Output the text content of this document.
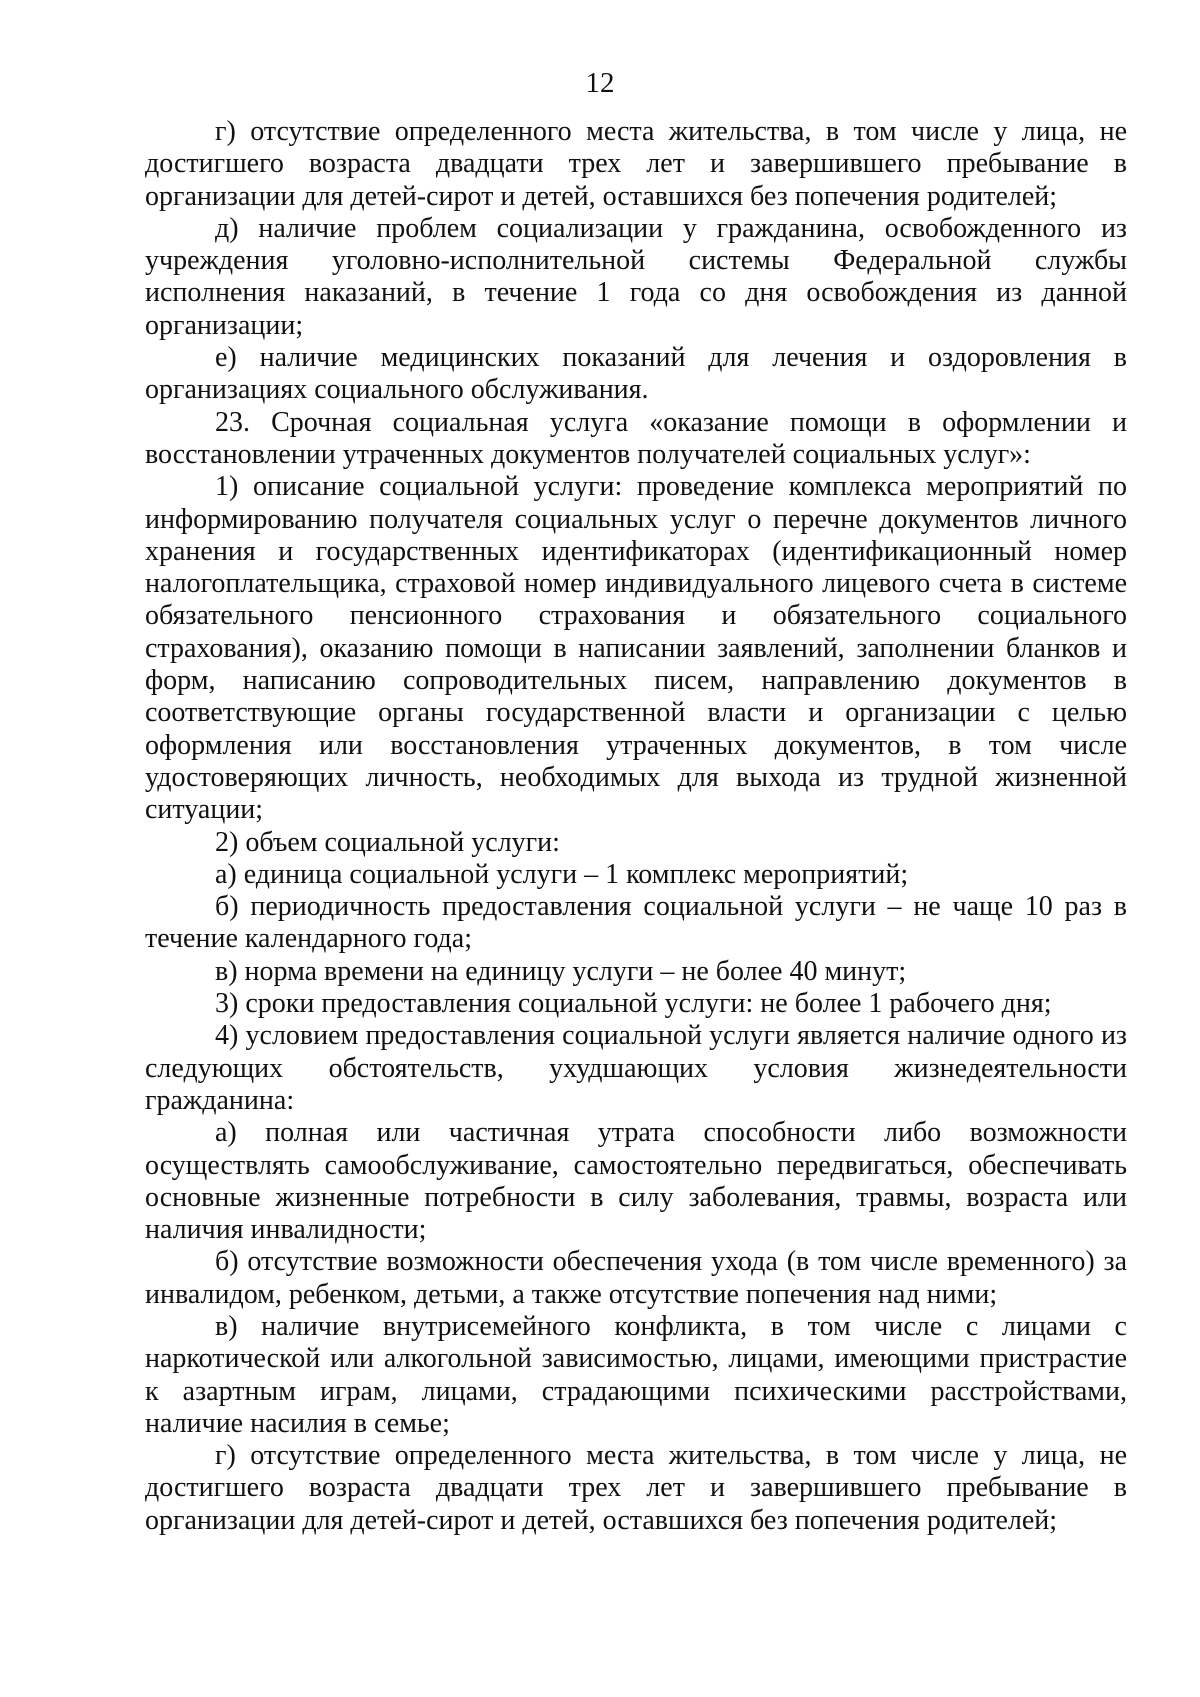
12

г) отсутствие определенного места жительства, в том числе у лица, не достигшего возраста двадцати трех лет и завершившего пребывание в организации для детей-сирот и детей, оставшихся без попечения родителей;

д) наличие проблем социализации у гражданина, освобожденного из учреждения уголовно-исполнительной системы Федеральной службы исполнения наказаний, в течение 1 года со дня освобождения из данной организации;

е) наличие медицинских показаний для лечения и оздоровления в организациях социального обслуживания.

23. Срочная социальная услуга «оказание помощи в оформлении и восстановлении утраченных документов получателей социальных услуг»:

1) описание социальной услуги: проведение комплекса мероприятий по информированию получателя социальных услуг о перечне документов личного хранения и государственных идентификаторах (идентификационный номер налогоплательщика, страховой номер индивидуального лицевого счета в системе обязательного пенсионного страхования и обязательного социального страхования), оказанию помощи в написании заявлений, заполнении бланков и форм, написанию сопроводительных писем, направлению документов в соответствующие органы государственной власти и организации с целью оформления или восстановления утраченных документов, в том числе удостоверяющих личность, необходимых для выхода из трудной жизненной ситуации;

2) объем социальной услуги:

а) единица социальной услуги – 1 комплекс мероприятий;

б) периодичность предоставления социальной услуги – не чаще 10 раз в течение календарного года;

в) норма времени на единицу услуги – не более 40 минут;

3) сроки предоставления социальной услуги: не более 1 рабочего дня;

4) условием предоставления социальной услуги является наличие одного из следующих обстоятельств, ухудшающих условия жизнедеятельности гражданина:

а) полная или частичная утрата способности либо возможности осуществлять самообслуживание, самостоятельно передвигаться, обеспечивать основные жизненные потребности в силу заболевания, травмы, возраста или наличия инвалидности;

б) отсутствие возможности обеспечения ухода (в том числе временного) за инвалидом, ребенком, детьми, а также отсутствие попечения над ними;

в) наличие внутрисемейного конфликта, в том числе с лицами с наркотической или алкогольной зависимостью, лицами, имеющими пристрастие к азартным играм, лицами, страдающими психическими расстройствами, наличие насилия в семье;

г) отсутствие определенного места жительства, в том числе у лица, не достигшего возраста двадцати трех лет и завершившего пребывание в организации для детей-сирот и детей, оставшихся без попечения родителей;
